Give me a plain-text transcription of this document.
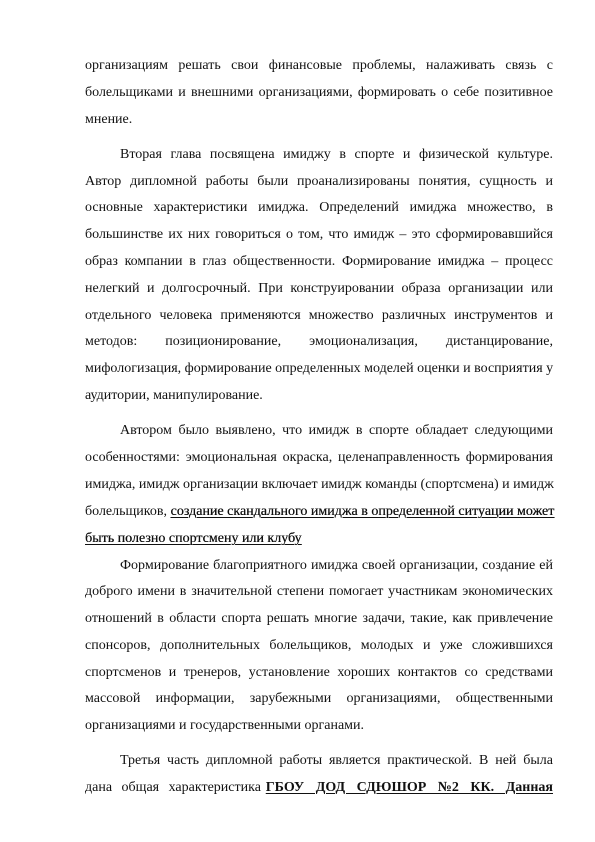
организациям решать свои финансовые проблемы, налаживать связь с
болельщиками и внешними организациями, формировать о себе позитивное
мнение.
Вторая глава посвящена имиджу в спорте и физической культуре.
Автор дипломной работы были проанализированы понятия, сущность и
основные характеристики имиджа. Определений имиджа множество, в
большинстве их них говориться о том, что имидж – это сформировавшийся
образ компании в глаз общественности. Формирование имиджа – процесс
нелегкий и долгосрочный. При конструировании образа организации или
отдельного человека применяются множество различных инструментов и
методов: позиционирование, эмоционализация, дистанцирование,
мифологизация, формирование определенных моделей оценки и восприятия у
аудитории, манипулирование.
Автором было выявлено, что имидж в спорте обладает следующими
особенностями: эмоциональная окраска, целенаправленность формирования
имиджа, имидж организации включает имидж команды (спортсмена) и имидж
болельщиков, создание скандального имиджа в определенной ситуации может
быть полезно спортсмену или клубу
Формирование благоприятного имиджа своей организации, создание ей
доброго имени в значительной степени помогает участникам экономических
отношений в области спорта решать многие задачи, такие, как привлечение
спонсоров, дополнительных болельщиков, молодых и уже сложившихся
спортсменов и тренеров, установление хороших контактов со средствами
массовой информации, зарубежными организациями, общественными
организациями и государственными органами.
Третья часть дипломной работы является практической. В ней была
дана общая характеристика ГБОУ ДОД СДЮШОР №2 КК. Данная
